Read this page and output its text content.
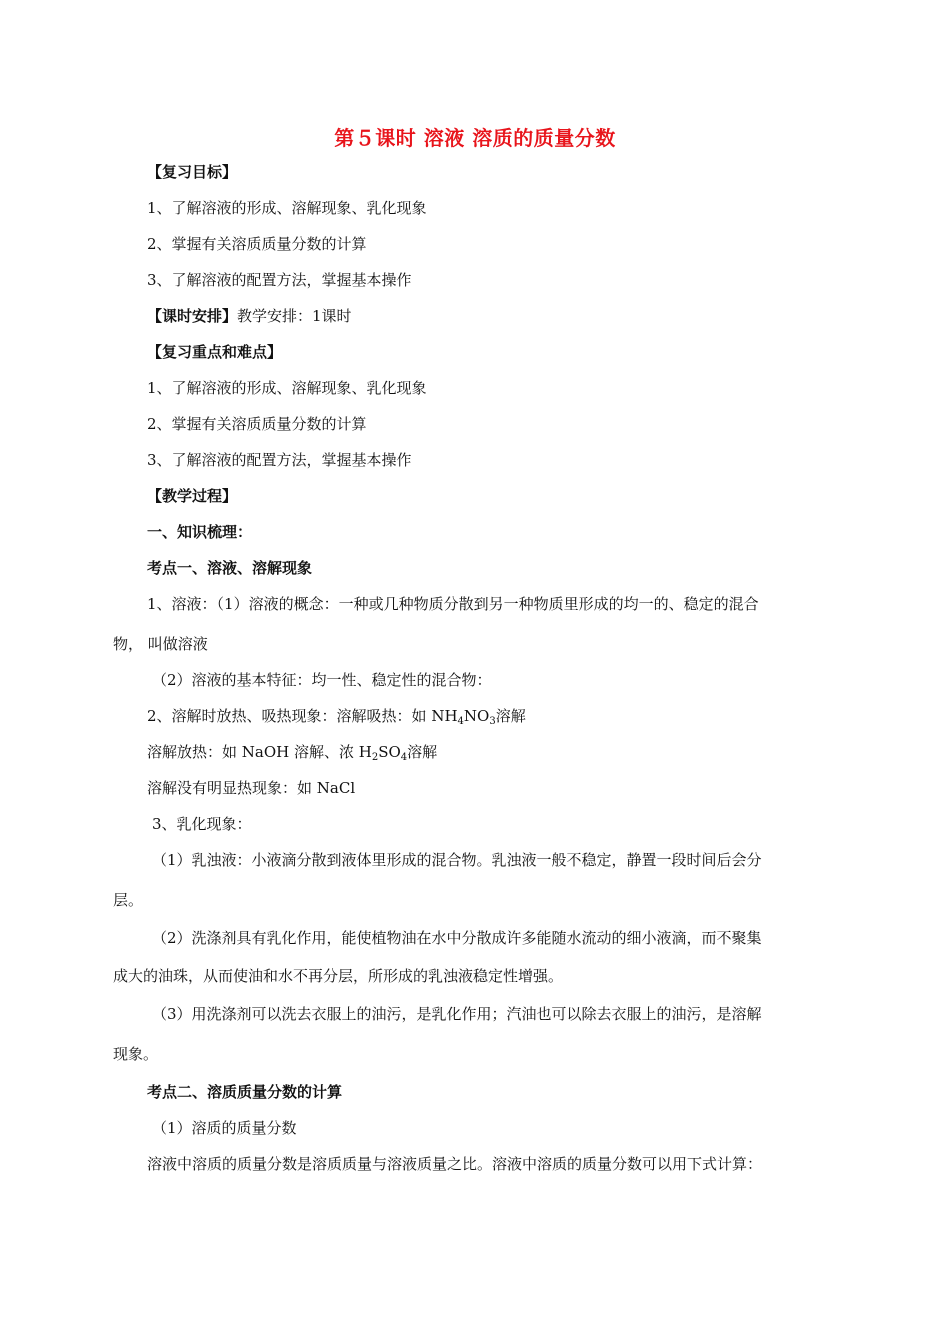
第５课时 溶液 溶质的质量分数
【复习目标】
1、了解溶液的形成、溶解现象、乳化现象
2、掌握有关溶质质量分数的计算
3、了解溶液的配置方法，掌握基本操作
【课时安排】教学安排：1课时
【复习重点和难点】
1、了解溶液的形成、溶解现象、乳化现象
2、掌握有关溶质质量分数的计算
3、了解溶液的配置方法，掌握基本操作
【教学过程】
一、知识梳理：
考点一、溶液、溶解现象
1、溶液：（1）溶液的概念：一种或几种物质分散到另一种物质里形成的均一的、稳定的混合
物， 叫做溶液
（2）溶液的基本特征：均一性、稳定性的混合物：
2、溶解时放热、吸热现象：溶解吸热：如 $NH_4NO_3$溶解
溶解放热：如 NaOH 溶解、浓 $H_2SO_4$溶解
溶解没有明显热现象：如 NaCl
3、乳化现象：
（1）乳浊液：小液滴分散到液体里形成的混合物。乳浊液一般不稳定，静置一段时间后会分
层。
（2）洗涤剂具有乳化作用，能使植物油在水中分散成许多能随水流动的细小液滴，而不聚集
成大的油珠，从而使油和水不再分层，所形成的乳浊液稳定性增强。
（3）用洗涤剂可以洗去衣服上的油污，是乳化作用；汽油也可以除去衣服上的油污，是溶解
现象。
考点二、溶质质量分数的计算
（1）溶质的质量分数
溶液中溶质的质量分数是溶质质量与溶液质量之比。溶液中溶质的质量分数可以用下式计算：
